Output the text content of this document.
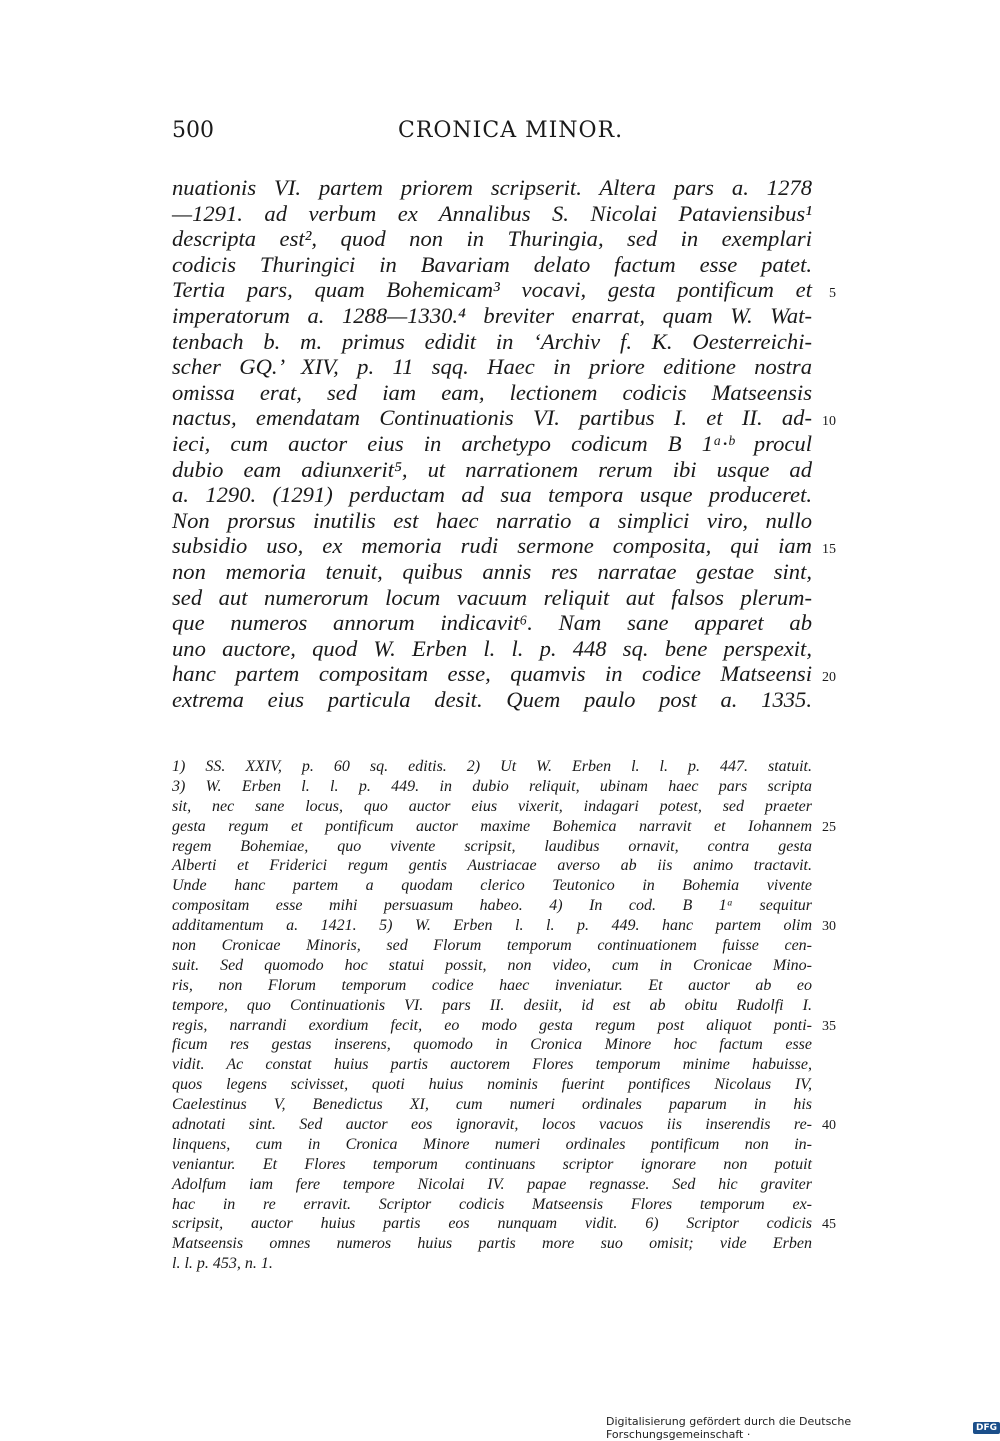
500	CRONICA MINOR.
nuationis VI. partem priorem scripserit. Altera pars a. 1278
—1291. ad verbum ex Annalibus S. Nicolai Pataviensibus¹
descripta est², quod non in Thuringia, sed in exemplari
codicis Thuringici in Bavariam delato factum esse patet.
Tertia pars, quam Bohemicam³ vocavi, gesta pontificum et 5
imperatorum a. 1288—1330.⁴ breviter enarrat, quam W. Wat-
tenbach b. m. primus edidit in ‘Archiv f. K. Oesterreichi-
scher GQ.’ XIV, p. 11 sqq. Haec in priore editione nostra
omissa erat, sed iam eam, lectionem codicis Matseensis
nactus, emendatam Continuationis VI. partibus I. et II. ad- 10
ieci, cum auctor eius in archetypo codicum B 1ᵃ·ᵇ procul
dubio eam adiunxerit⁵, ut narrationem rerum ibi usque ad
a. 1290. (1291) perductam ad sua tempora usque produceret.
Non prorsus inutilis est haec narratio a simplici viro, nullo
subsidio uso, ex memoria rudi sermone composita, qui iam 15
non memoria tenuit, quibus annis res narratae gestae sint,
sed aut numerorum locum vacuum reliquit aut falsos plerum-
que numeros annorum indicavit⁶. Nam sane apparet ab
uno auctore, quod W. Erben l. l. p. 448 sq. bene perspexit,
hanc partem compositam esse, quamvis in codice Matseensi 20
extrema eius particula desit. Quem paulo post a. 1335.
1) SS. XXIV, p. 60 sq. editis. 2) Ut W. Erben l. l. p. 447. statuit.
3) W. Erben l. l. p. 449. in dubio reliquit, ubinam haec pars scripta
sit, nec sane locus, quo auctor eius vixerit, indagari potest, sed praeter
gesta regum et pontificum auctor maxime Bohemica narravit et Iohannem 25
regem Bohemiae, quo vivente scripsit, laudibus ornavit, contra gesta
Alberti et Friderici regum gentis Austriacae averso ab iis animo tractavit.
Unde hanc partem a quodam clerico Teutonico in Bohemia vivente
compositam esse mihi persuasum habeo. 4) In cod. B 1ᵃ sequitur
additamentum a. 1421. 5) W. Erben l. l. p. 449. hanc partem olim 30
non Cronicae Minoris, sed Florum temporum continuationem fuisse cen-
suit. Sed quomodo hoc statui possit, non video, cum in Cronicae Mino-
ris, non Florum temporum codice haec inveniatur. Et auctor ab eo
tempore, quo Continuationis VI. pars II. desiit, id est ab obitu Rudolfi I.
regis, narrandi exordium fecit, eo modo gesta regum post aliquot ponti- 35
ficum res gestas inserens, quomodo in Cronica Minore hoc factum esse
vidit. Ac constat huius partis auctorem Flores temporum minime habuisse,
quos legens scivisset, quoti huius nominis fuerint pontifices Nicolaus IV,
Caelestinus V, Benedictus XI, cum numeri ordinales paparum in his
adnotati sint. Sed auctor eos ignoravit, locos vacuos iis inserendis re- 40
linquens, cum in Cronica Minore numeri ordinales pontificum non in-
veniantur. Et Flores temporum continuans scriptor ignorare non potuit
Adolfum iam fere tempore Nicolai IV. papae regnasse. Sed hic graviter
hac in re erravit. Scriptor codicis Matseensis Flores temporum ex-
scripsit, auctor huius partis eos nunquam vidit. 6) Scriptor codicis 45
Matseensis omnes numeros huius partis more suo omisit; vide Erben
l. l. p. 453, n. 1.
Digitalisierung gefördert durch die Deutsche Forschungsgemeinschaft ·	DFG
